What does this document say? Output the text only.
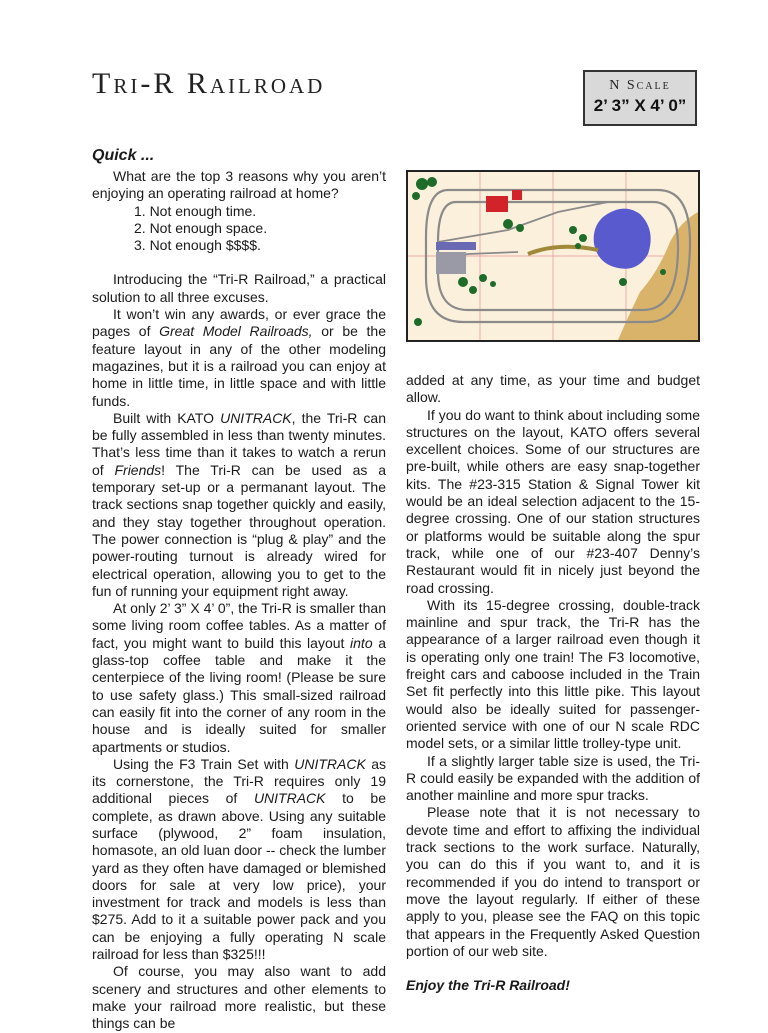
Tri-R Railroad	N Scale
2’ 3” X 4’ 0”
Quick ...

What are the top 3 reasons why you aren’t enjoying an operating railroad at home?

1. Not enough time.
2. Not enough space.
3. Not enough $$$$.

Introducing the “Tri-R Railroad,” a practical solution to all three excuses.

It won’t win any awards, or ever grace the pages of Great Model Railroads, or be the feature layout in any of the other modeling magazines, but it is a railroad you can enjoy at home in little time, in little space and with little funds.

Built with KATO UNITRACK, the Tri-R can be fully assembled in less than twenty minutes. That’s less time than it takes to watch a rerun of Friends! The Tri-R can be used as a temporary set-up or a permanant layout. The track sections snap together quickly and easily, and they stay together throughout operation. The power connection is “plug & play” and the power-routing turnout is already wired for electrical operation, allowing you to get to the fun of running your equipment right away.

At only 2’ 3” X 4’ 0”, the Tri-R is smaller than some living room coffee tables. As a matter of fact, you might want to build this layout into a glass-top coffee table and make it the centerpiece of the living room! (Please be sure to use safety glass.) This small-sized railroad can easily fit into the corner of any room in the house and is ideally suited for smaller apartments or studios.

Using the F3 Train Set with UNITRACK as its cornerstone, the Tri-R requires only 19 additional pieces of UNITRACK to be complete, as drawn above. Using any suitable surface (plywood, 2” foam insulation, homasote, an old luan door -- check the lumber yard as they often have damaged or blemished doors for sale at very low price), your investment for track and models is less than $275. Add to it a suitable power pack and you can be enjoying a fully operating N scale railroad for less than $325!!!

Of course, you may also want to add scenery and structures and other elements to make your railroad more realistic, but these things can be

added at any time, as your time and budget allow.

If you do want to think about including some structures on the layout, KATO offers several excellent choices. Some of our structures are pre-built, while others are easy snap-together kits. The #23-315 Station & Signal Tower kit would be an ideal selection adjacent to the 15-degree crossing. One of our station structures or platforms would be suitable along the spur track, while one of our #23-407 Denny’s Restaurant would fit in nicely just beyond the road crossing.

With its 15-degree crossing, double-track mainline and spur track, the Tri-R has the appearance of a larger railroad even though it is operating only one train! The F3 locomotive, freight cars and caboose included in the Train Set fit perfectly into this little pike. This layout would also be ideally suited for passenger-oriented service with one of our N scale RDC model sets, or a similar little trolley-type unit.

If a slightly larger table size is used, the Tri-R could easily be expanded with the addition of another mainline and more spur tracks.

Please note that it is not necessary to devote time and effort to affixing the individual track sections to the work surface. Naturally, you can do this if you want to, and it is recommended if you do intend to transport or move the layout regularly. If either of these apply to you, please see the FAQ on this topic that appears in the Frequently Asked Question portion of our web site.

Enjoy the Tri-R Railroad!
